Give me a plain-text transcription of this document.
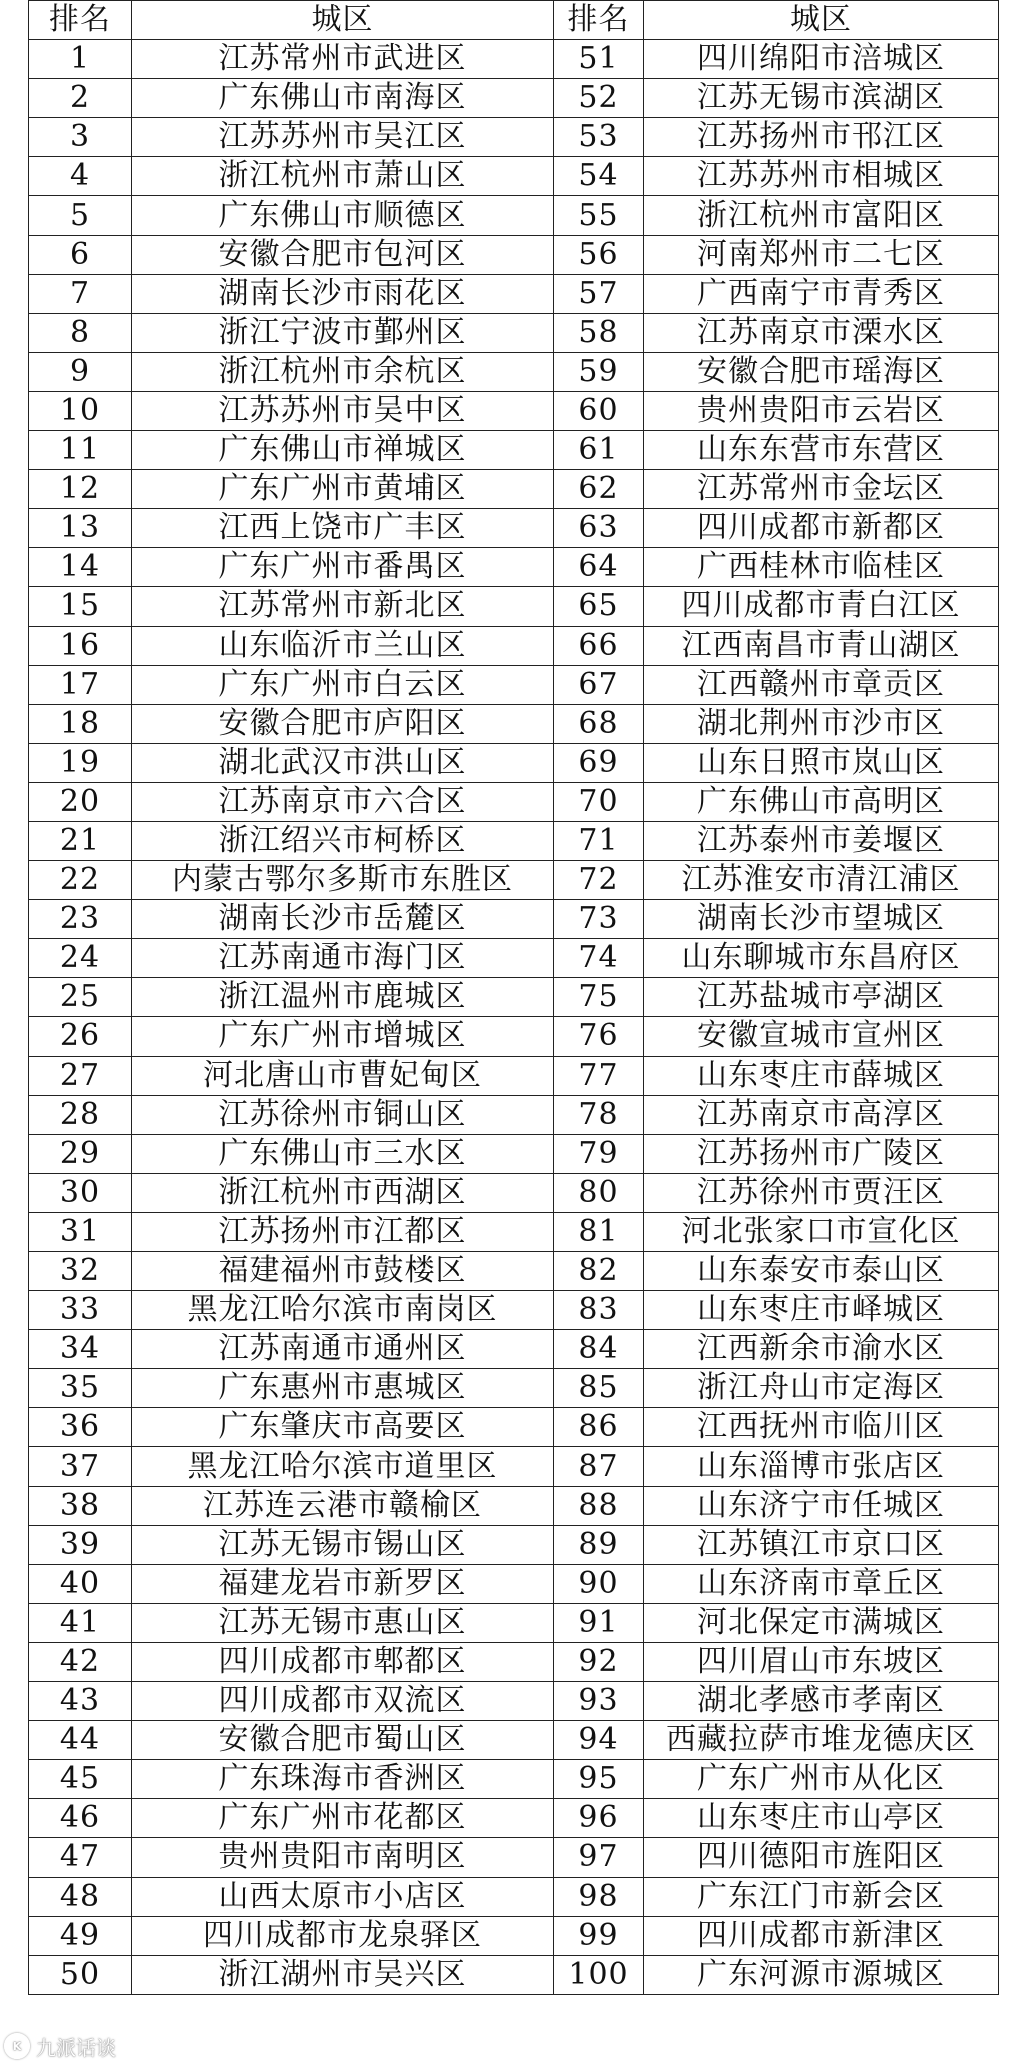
排名	城区	排名	城区
1	江苏常州市武进区	51	四川绵阳市涪城区
2	广东佛山市南海区	52	江苏无锡市滨湖区
3	江苏苏州市吴江区	53	江苏扬州市邗江区
4	浙江杭州市萧山区	54	江苏苏州市相城区
5	广东佛山市顺德区	55	浙江杭州市富阳区
6	安徽合肥市包河区	56	河南郑州市二七区
7	湖南长沙市雨花区	57	广西南宁市青秀区
8	浙江宁波市鄞州区	58	江苏南京市溧水区
9	浙江杭州市余杭区	59	安徽合肥市瑶海区
10	江苏苏州市吴中区	60	贵州贵阳市云岩区
11	广东佛山市禅城区	61	山东东营市东营区
12	广东广州市黄埔区	62	江苏常州市金坛区
13	江西上饶市广丰区	63	四川成都市新都区
14	广东广州市番禺区	64	广西桂林市临桂区
15	江苏常州市新北区	65	四川成都市青白江区
16	山东临沂市兰山区	66	江西南昌市青山湖区
17	广东广州市白云区	67	江西赣州市章贡区
18	安徽合肥市庐阳区	68	湖北荆州市沙市区
19	湖北武汉市洪山区	69	山东日照市岚山区
20	江苏南京市六合区	70	广东佛山市高明区
21	浙江绍兴市柯桥区	71	江苏泰州市姜堰区
22	内蒙古鄂尔多斯市东胜区	72	江苏淮安市清江浦区
23	湖南长沙市岳麓区	73	湖南长沙市望城区
24	江苏南通市海门区	74	山东聊城市东昌府区
25	浙江温州市鹿城区	75	江苏盐城市亭湖区
26	广东广州市增城区	76	安徽宣城市宣州区
27	河北唐山市曹妃甸区	77	山东枣庄市薛城区
28	江苏徐州市铜山区	78	江苏南京市高淳区
29	广东佛山市三水区	79	江苏扬州市广陵区
30	浙江杭州市西湖区	80	江苏徐州市贾汪区
31	江苏扬州市江都区	81	河北张家口市宣化区
32	福建福州市鼓楼区	82	山东泰安市泰山区
33	黑龙江哈尔滨市南岗区	83	山东枣庄市峄城区
34	江苏南通市通州区	84	江西新余市渝水区
35	广东惠州市惠城区	85	浙江舟山市定海区
36	广东肇庆市高要区	86	江西抚州市临川区
37	黑龙江哈尔滨市道里区	87	山东淄博市张店区
38	江苏连云港市赣榆区	88	山东济宁市任城区
39	江苏无锡市锡山区	89	江苏镇江市京口区
40	福建龙岩市新罗区	90	山东济南市章丘区
41	江苏无锡市惠山区	91	河北保定市满城区
42	四川成都市郫都区	92	四川眉山市东坡区
43	四川成都市双流区	93	湖北孝感市孝南区
44	安徽合肥市蜀山区	94	西藏拉萨市堆龙德庆区
45	广东珠海市香洲区	95	广东广州市从化区
46	广东广州市花都区	96	山东枣庄市山亭区
47	贵州贵阳市南明区	97	四川德阳市旌阳区
48	山西太原市小店区	98	广东江门市新会区
49	四川成都市龙泉驿区	99	四川成都市新津区
50	浙江湖州市吴兴区	100	广东河源市源城区
K 九派话谈
